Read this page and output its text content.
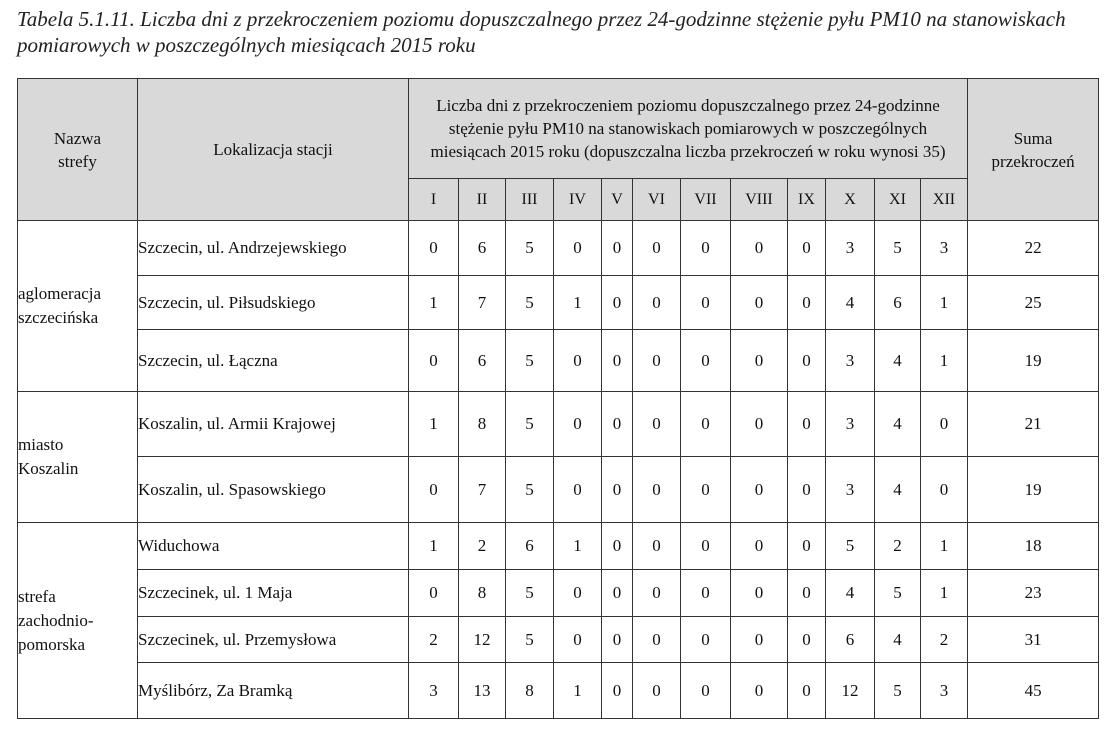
Tabela 5.1.11. Liczba dni z przekroczeniem poziomu dopuszczalnego przez 24-godzinne stężenie pyłu PM10 na stanowiskach pomiarowych w poszczególnych miesiącach 2015 roku
Nazwa strefy	Lokalizacja stacji	Liczba dni z przekroczeniem poziomu dopuszczalnego przez 24-godzinne stężenie pyłu PM10 na stanowiskach pomiarowych w poszczególnych miesiącach 2015 roku (dopuszczalna liczba przekroczeń w roku wynosi 35)												Suma przekroczeń

		I	II	III	IV	V	VI	VII	VIII	IX	X	XI	XII	

aglomeracja szczecińska	Szczecin, ul. Andrzejewskiego	0	6	5	0	0	0	0	0	0	3	5	3	22
	Szczecin, ul. Piłsudskiego	1	7	5	1	0	0	0	0	0	4	6	1	25
	Szczecin, ul. Łączna	0	6	5	0	0	0	0	0	0	3	4	1	19

miasto Koszalin	Koszalin, ul. Armii Krajowej	1	8	5	0	0	0	0	0	0	3	4	0	21
	Koszalin, ul. Spasowskiego	0	7	5	0	0	0	0	0	0	3	4	0	19

strefa zachodnio-pomorska	Widuchowa	1	2	6	1	0	0	0	0	0	5	2	1	18
	Szczecinek, ul. 1 Maja	0	8	5	0	0	0	0	0	0	4	5	1	23
	Szczecinek, ul. Przemysłowa	2	12	5	0	0	0	0	0	0	6	4	2	31
	Myślibórz, Za Bramką	3	13	8	1	0	0	0	0	0	12	5	3	45
